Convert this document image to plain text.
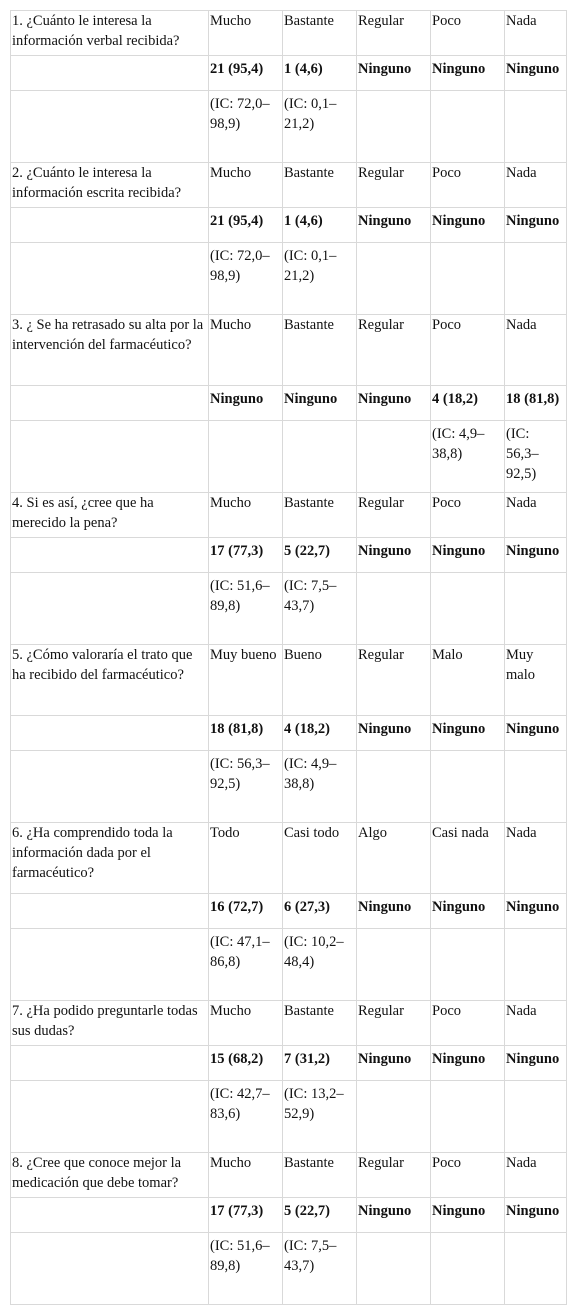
1. ¿Cuánto le interesa la información verbal recibida?	Mucho	Bastante	Regular	Poco	Nada
	21 (95,4)	1 (4,6)	Ninguno	Ninguno	Ninguno
	(IC: 72,0–98,9)	(IC: 0,1–21,2)			
2. ¿Cuánto le interesa la información escrita recibida?	Mucho	Bastante	Regular	Poco	Nada
	21 (95,4)	1 (4,6)	Ninguno	Ninguno	Ninguno
	(IC: 72,0–98,9)	(IC: 0,1–21,2)			
3. ¿ Se ha retrasado su alta por la intervención del farmacéutico?	Mucho	Bastante	Regular	Poco	Nada
	Ninguno	Ninguno	Ninguno	4 (18,2)	18 (81,8)
				(IC: 4,9–38,8)	(IC: 56,3–92,5)
4. Si es así, ¿cree que ha merecido la pena?	Mucho	Bastante	Regular	Poco	Nada
	17 (77,3)	5 (22,7)	Ninguno	Ninguno	Ninguno
	(IC: 51,6–89,8)	(IC: 7,5–43,7)			
5. ¿Cómo valoraría el trato que ha recibido del farmacéutico?	Muy bueno	Bueno	Regular	Malo	Muy malo
	18 (81,8)	4 (18,2)	Ninguno	Ninguno	Ninguno
	(IC: 56,3–92,5)	(IC: 4,9–38,8)			
6. ¿Ha comprendido toda la información dada por el farmacéutico?	Todo	Casi todo	Algo	Casi nada	Nada
	16 (72,7)	6 (27,3)	Ninguno	Ninguno	Ninguno
	(IC: 47,1–86,8)	(IC: 10,2–48,4)			
7. ¿Ha podido preguntarle todas sus dudas?	Mucho	Bastante	Regular	Poco	Nada
	15 (68,2)	7 (31,2)	Ninguno	Ninguno	Ninguno
	(IC: 42,7–83,6)	(IC: 13,2–52,9)			
8. ¿Cree que conoce mejor la medicación que debe tomar?	Mucho	Bastante	Regular	Poco	Nada
	17 (77,3)	5 (22,7)	Ninguno	Ninguno	Ninguno
	(IC: 51,6–89,8)	(IC: 7,5–43,7)			
